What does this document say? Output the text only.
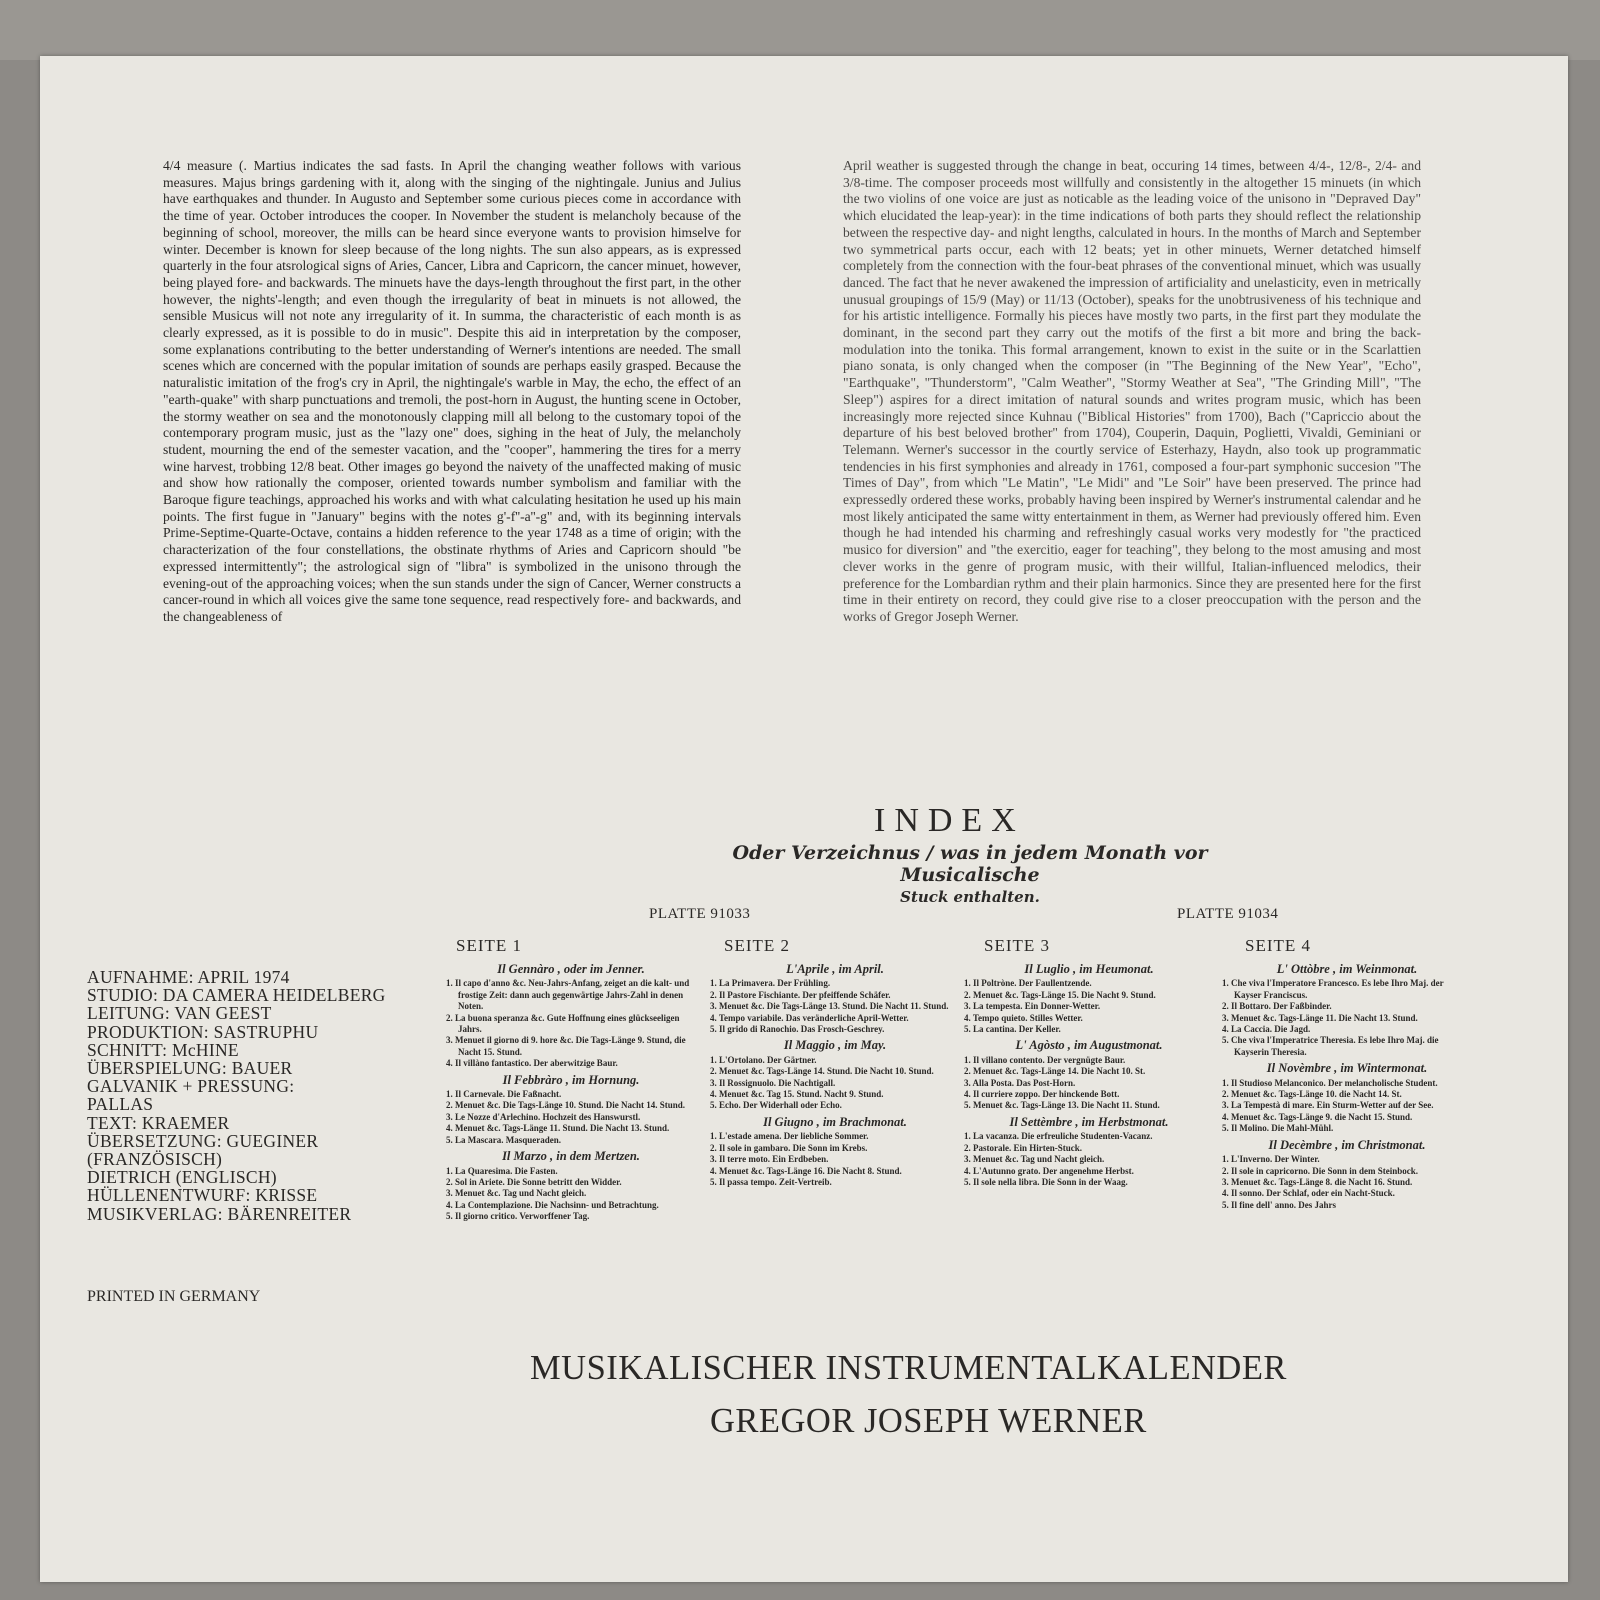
4/4 measure (. Martius indicates the sad fasts. In April the changing weather follows with various measures. Majus brings gardening with it, along with the singing of the nightingale. Junius and Julius have earthquakes and thunder. In Augusto and September some curious pieces come in accordance with the time of year. October introduces the cooper. In November the student is melancholy because of the beginning of school, moreover, the mills can be heard since everyone wants to provision himselve for winter. December is known for sleep because of the long nights. The sun also appears, as is expressed quarterly in the four atsrological signs of Aries, Cancer, Libra and Capricorn, the cancer minuet, however, being played fore- and backwards. The minuets have the days-length throughout the first part, in the other however, the nights'-length; and even though the irregularity of beat in minuets is not allowed, the sensible Musicus will not note any irregularity of it. In summa, the characteristic of each month is as clearly expressed, as it is possible to do in music". Despite this aid in interpretation by the composer, some explanations contributing to the better understanding of Werner's intentions are needed. The small scenes which are concerned with the popular imitation of sounds are perhaps easily grasped. Because the naturalistic imitation of the frog's cry in April, the nightingale's warble in May, the echo, the effect of an "earth-quake" with sharp punctuations and tremoli, the post-horn in August, the hunting scene in October, the stormy weather on sea and the monotonously clapping mill all belong to the customary topoi of the contemporary program music, just as the "lazy one" does, sighing in the heat of July, the melancholy student, mourning the end of the semester vacation, and the "cooper", hammering the tires for a merry wine harvest, trobbing 12/8 beat. Other images go beyond the naivety of the unaffected making of music and show how rationally the composer, oriented towards number symbolism and familiar with the Baroque figure teachings, approached his works and with what calculating hesitation he used up his main points. The first fugue in "January" begins with the notes g'-f''-a''-g" and, with its beginning intervals Prime-Septime-Quarte-Octave, contains a hidden reference to the year 1748 as a time of origin; with the characterization of the four constellations, the obstinate rhythms of Aries and Capricorn should "be expressed intermittently"; the astrological sign of "libra" is symbolized in the unisono through the evening-out of the approaching voices; when the sun stands under the sign of Cancer, Werner constructs a cancer-round in which all voices give the same tone sequence, read respectively fore- and backwards, and the changeableness of

April weather is suggested through the change in beat, occuring 14 times, between 4/4-, 12/8-, 2/4- and 3/8-time. The composer proceeds most willfully and consistently in the altogether 15 minuets (in which the two violins of one voice are just as noticable as the leading voice of the unisono in "Depraved Day" which elucidated the leap-year): in the time indications of both parts they should reflect the relationship between the respective day- and night lengths, calculated in hours. In the months of March and September two symmetrical parts occur, each with 12 beats; yet in other minuets, Werner detatched himself completely from the connection with the four-beat phrases of the conventional minuet, which was usually danced. The fact that he never awakened the impression of artificiality and unelasticity, even in metrically unusual groupings of 15/9 (May) or 11/13 (October), speaks for the unobtrusiveness of his technique and for his artistic intelligence. Formally his pieces have mostly two parts, in the first part they modulate the dominant, in the second part they carry out the motifs of the first a bit more and bring the back-modulation into the tonika. This formal arrangement, known to exist in the suite or in the Scarlattien piano sonata, is only changed when the composer (in "The Beginning of the New Year", "Echo", "Earthquake", "Thunderstorm", "Calm Weather", "Stormy Weather at Sea", "The Grinding Mill", "The Sleep") aspires for a direct imitation of natural sounds and writes program music, which has been increasingly more rejected since Kuhnau ("Biblical Histories" from 1700), Bach ("Capriccio about the departure of his best beloved brother" from 1704), Couperin, Daquin, Poglietti, Vivaldi, Geminiani or Telemann. Werner's successor in the courtly service of Esterhazy, Haydn, also took up programmatic tendencies in his first symphonies and already in 1761, composed a four-part symphonic succesion "The Times of Day", from which "Le Matin", "Le Midi" and "Le Soir" have been preserved. The prince had expressedly ordered these works, probably having been inspired by Werner's instrumental calendar and he most likely anticipated the same witty entertainment in them, as Werner had previously offered him. Even though he had intended his charming and refreshingly casual works very modestly for "the practiced musico for diversion" and "the exercitio, eager for teaching", they belong to the most amusing and most clever works in the genre of program music, with their willful, Italian-influenced melodics, their preference for the Lombardian rythm and their plain harmonics. Since they are presented here for the first time in their entirety on record, they could give rise to a closer preoccupation with the person and the works of Gregor Joseph Werner.

INDEX
Oder Verzeichnus / was in jedem Monath vor Musicalische
Stuck enthalten.
PLATTE 91033	PLATTE 91034
SEITE 1	SEITE 2	SEITE 3	SEITE 4
Il Gennàro , oder im Jenner.
1. Il capo d'anno &c. Neu-Jahrs-Anfang, zeiget an die kalt- und frostige Zeit: dann auch gegenwärtige Jahrs-Zahl in denen Noten.
2. La buona speranza &c. Gute Hoffnung eines glückseeligen Jahrs.
3. Menuet il giorno di 9. hore &c. Die Tags-Länge 9. Stund, die Nacht 15. Stund.
4. Il villàno fantastico. Der aberwitzige Baur.
Il Febbràro , im Hornung.
1. Il Carnevale. Die Faßnacht.
2. Menuet &c. Die Tags-Länge 10. Stund. Die Nacht 14. Stund.
3. Le Nozze d'Arlechino. Hochzeit des Hanswurstl.
4. Menuet &c. Tags-Länge 11. Stund. Die Nacht 13. Stund.
5. La Mascara. Masqueraden.
Il Marzo , in dem Mertzen.
1. La Quaresima. Die Fasten.
2. Sol in Ariete. Die Sonne betritt den Widder.
3. Menuet &c. Tag und Nacht gleich.
4. La Contemplazione. Die Nachsinn- und Betrachtung.
5. Il giorno critico. Verworffener Tag.
L'Aprile , im April.
1. La Primavera. Der Frühling.
2. Il Pastore Fischiante. Der pfeiffende Schäfer.
3. Menuet &c. Die Tags-Länge 13. Stund. Die Nacht 11. Stund.
4. Tempo variabile. Das veränderliche April-Wetter.
5. Il grido di Ranochio. Das Frosch-Geschrey.
Il Maggio , im May.
1. L'Ortolano. Der Gärtner.
2. Menuet &c. Tags-Länge 14. Stund. Die Nacht 10. Stund.
3. Il Rossignuolo. Die Nachtigall.
4. Menuet &c. Tag 15. Stund. Nacht 9. Stund.
5. Echo. Der Widerhall oder Echo.
Il Giugno , im Brachmonat.
1. L'estade amena. Der liebliche Sommer.
2. Il sole in gambaro. Die Sonn im Krebs.
3. Il terre moto. Ein Erdbeben.
4. Menuet &c. Tags-Länge 16. Die Nacht 8. Stund.
5. Il passa tempo. Zeit-Vertreib.
Il Luglio , im Heumonat.
1. Il Poltròne. Der Faullentzende.
2. Menuet &c. Tags-Länge 15. Die Nacht 9. Stund.
3. La tempesta. Ein Donner-Wetter.
4. Tempo quieto. Stilles Wetter.
5. La cantina. Der Keller.
L' Agòsto , im Augustmonat.
1. Il villano contento. Der vergnügte Baur.
2. Menuet &c. Tags-Länge 14. Die Nacht 10. St.
3. Alla Posta. Das Post-Horn.
4. Il curriere zoppo. Der hinckende Bott.
5. Menuet &c. Tags-Länge 13. Die Nacht 11. Stund.
Il Settèmbre , im Herbstmonat.
1. La vacanza. Die erfreuliche Studenten-Vacanz.
2. Pastorale. Ein Hirten-Stuck.
3. Menuet &c. Tag und Nacht gleich.
4. L'Autunno grato. Der angenehme Herbst.
5. Il sole nella libra. Die Sonn in der Waag.
L' Ottòbre , im Weinmonat.
1. Che viva l'Imperatore Francesco. Es lebe Ihro Maj. der Kayser Franciscus.
2. Il Bottaro. Der Faßbinder.
3. Menuet &c. Tags-Länge 11. Die Nacht 13. Stund.
4. La Caccia. Die Jagd.
5. Che viva l'Imperatrice Theresia. Es lebe Ihro Maj. die Kayserin Theresia.
Il Novèmbre , im Wintermonat.
1. Il Studioso Melanconico. Der melancholische Student.
2. Menuet &c. Tags-Länge 10. die Nacht 14. St.
3. La Tempestà di mare. Ein Sturm-Wetter auf der See.
4. Menuet &c. Tags-Länge 9. die Nacht 15. Stund.
5. Il Molino. Die Mahl-Mühl.
Il Decèmbre , im Christmonat.
1. L'Inverno. Der Winter.
2. Il sole in capricorno. Die Sonn in dem Steinbock.
3. Menuet &c. Tags-Länge 8. die Nacht 16. Stund.
4. Il sonno. Der Schlaf, oder ein Nacht-Stuck.
5. Il fine dell' anno. Des Jahrs
AUFNAHME: APRIL 1974
STUDIO: DA CAMERA HEIDELBERG
LEITUNG: VAN GEEST
PRODUKTION: SASTRUPHU
SCHNITT: McHINE
ÜBERSPIELUNG: BAUER
GALVANIK + PRESSUNG:
PALLAS
TEXT: KRAEMER
ÜBERSETZUNG: GUEGINER
(FRANZÖSISCH)
DIETRICH (ENGLISCH)
HÜLLENENTWURF: KRISSE
MUSIKVERLAG: BÄRENREITER
PRINTED IN GERMANY
MUSIKALISCHER INSTRUMENTALKALENDER
GREGOR JOSEPH WERNER
